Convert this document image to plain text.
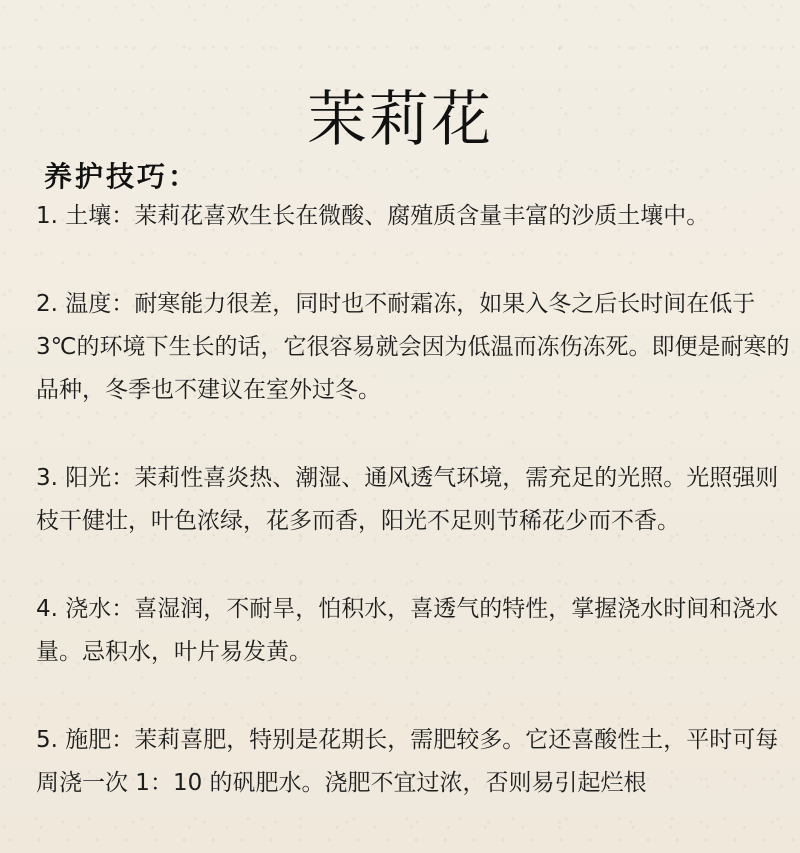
茉莉花
养护技巧：
1. 土壤：茉莉花喜欢生长在微酸、腐殖质含量丰富的沙质土壤中。
2. 温度：耐寒能力很差，同时也不耐霜冻，如果入冬之后长时间在低于 3℃的环境下生长的话，它很容易就会因为低温而冻伤冻死。即便是耐寒的品种，冬季也不建议在室外过冬。
3. 阳光：茉莉性喜炎热、潮湿、通风透气环境，需充足的光照。光照强则枝干健壮，叶色浓绿，花多而香，阳光不足则节稀花少而不香。
4. 浇水：喜湿润，不耐旱，怕积水，喜透气的特性，掌握浇水时间和浇水量。忌积水，叶片易发黄。
5. 施肥：茉莉喜肥，特别是花期长，需肥较多。它还喜酸性土，平时可每周浇一次 1：10 的矾肥水。浇肥不宜过浓，否则易引起烂根
